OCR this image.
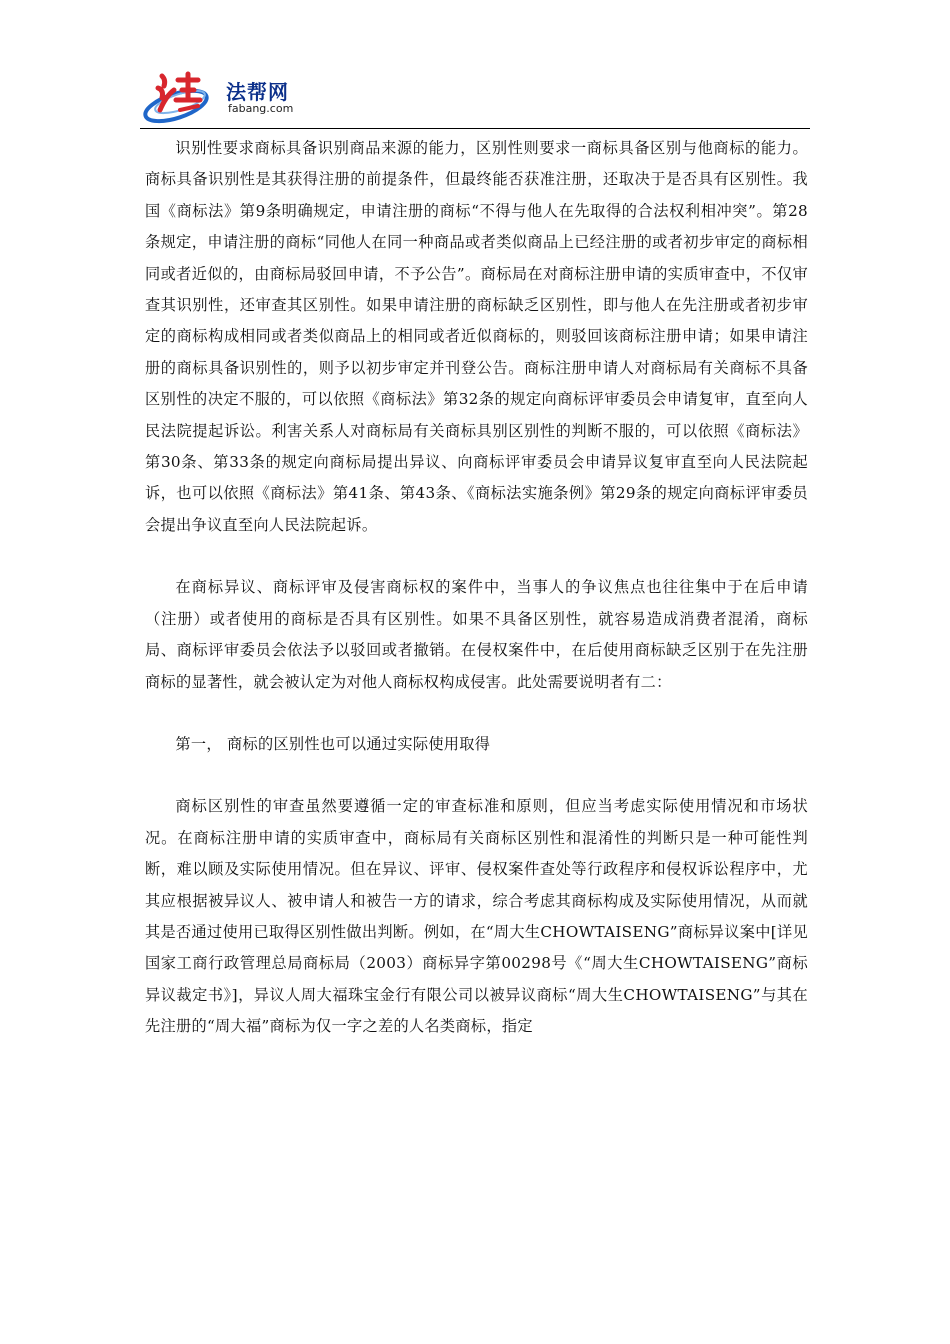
法帮网
fabang.com

识别性要求商标具备识别商品来源的能力，区别性则要求一商标具备区别与他商标的能力。商标具备识别性是其获得注册的前提条件，但最终能否获准注册，还取决于是否具有区别性。我国《商标法》第9条明确规定，申请注册的商标“不得与他人在先取得的合法权利相冲突”。第28条规定，申请注册的商标“同他人在同一种商品或者类似商品上已经注册的或者初步审定的商标相同或者近似的，由商标局驳回申请，不予公告”。商标局在对商标注册申请的实质审查中，不仅审查其识别性，还审查其区别性。如果申请注册的商标缺乏区别性，即与他人在先注册或者初步审定的商标构成相同或者类似商品上的相同或者近似商标的，则驳回该商标注册申请；如果申请注册的商标具备识别性的，则予以初步审定并刊登公告。商标注册申请人对商标局有关商标不具备区别性的决定不服的，可以依照《商标法》第32条的规定向商标评审委员会申请复审，直至向人民法院提起诉讼。利害关系人对商标局有关商标具别区别性的判断不服的，可以依照《商标法》第30条、第33条的规定向商标局提出异议、向商标评审委员会申请异议复审直至向人民法院起诉，也可以依照《商标法》第41条、第43条、《商标法实施条例》第29条的规定向商标评审委员会提出争议直至向人民法院起诉。

在商标异议、商标评审及侵害商标权的案件中，当事人的争议焦点也往往集中于在后申请（注册）或者使用的商标是否具有区别性。如果不具备区别性，就容易造成消费者混淆，商标局、商标评审委员会依法予以驳回或者撤销。在侵权案件中，在后使用商标缺乏区别于在先注册商标的显著性，就会被认定为对他人商标权构成侵害。此处需要说明者有二：

第一， 商标的区别性也可以通过实际使用取得

商标区别性的审查虽然要遵循一定的审查标准和原则，但应当考虑实际使用情况和市场状况。在商标注册申请的实质审查中，商标局有关商标区别性和混淆性的判断只是一种可能性判断，难以顾及实际使用情况。但在异议、评审、侵权案件查处等行政程序和侵权诉讼程序中，尤其应根据被异议人、被申请人和被告一方的请求，综合考虑其商标构成及实际使用情况，从而就其是否通过使用已取得区别性做出判断。例如，在“周大生CHOWTAISENG”商标异议案中[详见国家工商行政管理总局商标局（2003）商标异字第00298号《“周大生CHOWTAISENG”商标异议裁定书》]，异议人周大福珠宝金行有限公司以被异议商标“周大生CHOWTAISENG”与其在先注册的“周大福”商标为仅一字之差的人名类商标，指定
